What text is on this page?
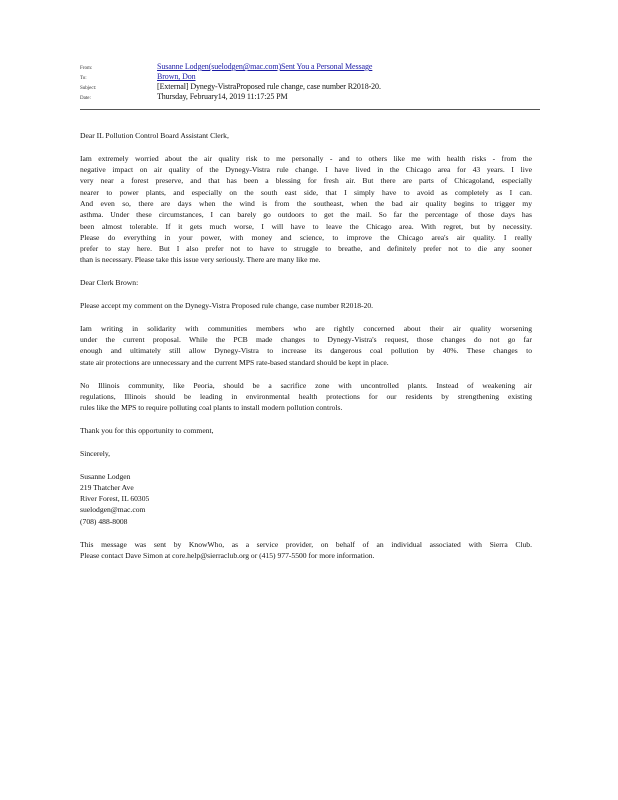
From:	Susanne Lodgen(suelodgen@mac.com)Sent You a Personal Message
To:	Brown, Don
Subject:	[External] Dynegy-VistraProposed rule change, case number R2018-20.
Date:	Thursday, February14, 2019 11:17:25 PM
Dear IL Pollution Control Board Assistant Clerk,
Iam extremely worried about the air quality risk to me personally - and to others like me with health risks - from the
negative impact on air quality of the Dynegy-Vistra rule change. I have lived in the Chicago area for 43 years. I live
very near a forest preserve, and that has been a blessing for fresh air. But there are parts of Chicagoland, especially
nearer to power plants, and especially on the south east side, that I simply have to avoid as completely as I can.
And even so, there are days when the wind is from the southeast, when the bad air quality begins to trigger my
asthma. Under these circumstances, I can barely go outdoors to get the mail. So far the percentage of those days has
been almost tolerable. If it gets much worse, I will have to leave the Chicago area. With regret, but by necessity.
Please do everything in your power, with money and science, to improve the Chicago area's air quality. I really
prefer to stay here. But I also prefer not to have to struggle to breathe, and definitely prefer not to die any sooner
than is necessary. Please take this issue very seriously. There are many like me.
Dear Clerk Brown:
Please accept my comment on the Dynegy-Vistra Proposed rule change, case number R2018-20.
Iam writing in solidarity with communities members who are rightly concerned about their air quality worsening
under the current proposal. While the PCB made changes to Dynegy-Vistra's request, those changes do not go far
enough and ultimately still allow Dynegy-Vistra to increase its dangerous coal pollution by 40%. These changes to
state air protections are unnecessary and the current MPS rate-based standard should be kept in place.
No Illinois community, like Peoria, should be a sacrifice zone with uncontrolled plants. Instead of weakening air
regulations, Illinois should be leading in environmental health protections for our residents by strengthening existing
rules like the MPS to require polluting coal plants to install modern pollution controls.
Thank you for this opportunity to comment,
Sincerely,
Susanne Lodgen
219 Thatcher Ave
River Forest, IL 60305
suelodgen@mac.com
(708) 488-8008
This message was sent by KnowWho, as a service provider, on behalf of an individual associated with Sierra Club.
Please contact Dave Simon at core.help@sierraclub.org or (415) 977-5500 for more information.
